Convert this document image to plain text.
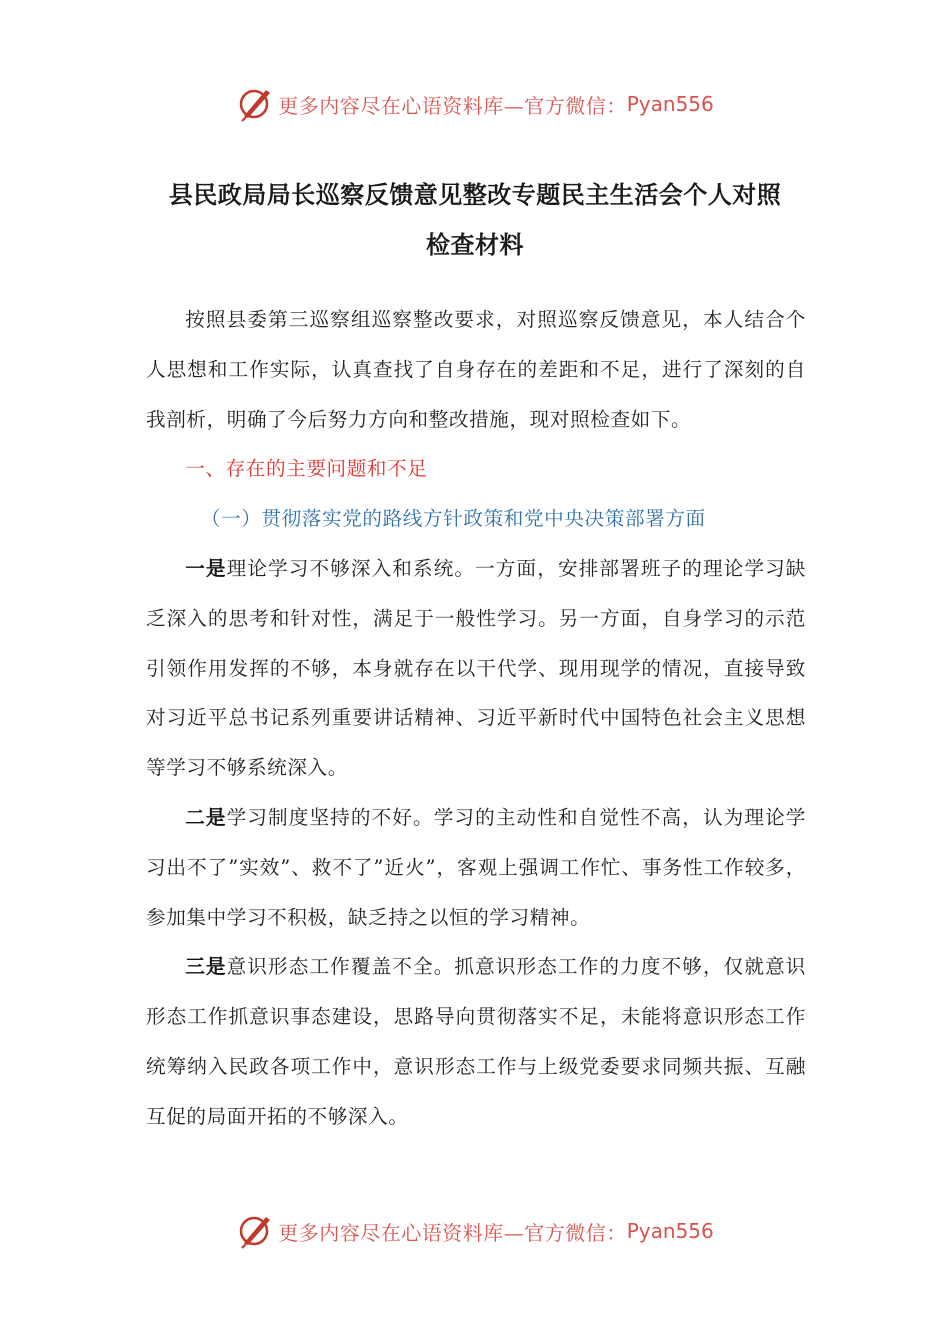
更多内容尽在心语资料库—官方微信： Pyan556
县民政局局长巡察反馈意见整改专题民主生活会个人对照
检查材料

按照县委第三巡察组巡察整改要求，对照巡察反馈意见，本人结合个人思想和工作实际，认真查找了自身存在的差距和不足，进行了深刻的自我剖析，明确了今后努力方向和整改措施，现对照检查如下。

一、存在的主要问题和不足

（一）贯彻落实党的路线方针政策和党中央决策部署方面

一是理论学习不够深入和系统。一方面，安排部署班子的理论学习缺乏深入的思考和针对性，满足于一般性学习。另一方面，自身学习的示范引领作用发挥的不够，本身就存在以干代学、现用现学的情况，直接导致对习近平总书记系列重要讲话精神、习近平新时代中国特色社会主义思想等学习不够系统深入。

二是学习制度坚持的不好。学习的主动性和自觉性不高，认为理论学习出不了”实效”、救不了”近火”，客观上强调工作忙、事务性工作较多，参加集中学习不积极，缺乏持之以恒的学习精神。

三是意识形态工作覆盖不全。抓意识形态工作的力度不够，仅就意识形态工作抓意识事态建设，思路导向贯彻落实不足，未能将意识形态工作统筹纳入民政各项工作中，意识形态工作与上级党委要求同频共振、互融互促的局面开拓的不够深入。

更多内容尽在心语资料库—官方微信： Pyan556
